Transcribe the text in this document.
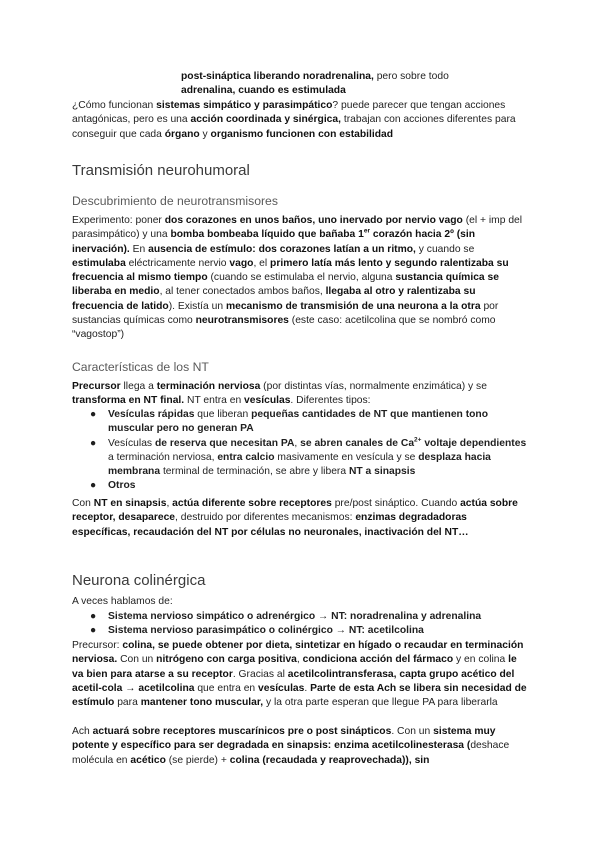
post-sináptica liberando noradrenalina, pero sobre todo
adrenalina, cuando es estimulada

¿Cómo funcionan sistemas simpático y parasimpático? puede parecer que tengan acciones antagónicas, pero es una acción coordinada y sinérgica, trabajan con acciones diferentes para conseguir que cada órgano y organismo funcionen con estabilidad

Transmisión neurohumoral
Descubrimiento de neurotransmisores

Experimento: poner dos corazones en unos baños, uno inervado por nervio vago (el + imp del parasimpático) y una bomba bombeaba líquido que bañaba 1er corazón hacia 2º (sin inervación). En ausencia de estímulo: dos corazones latían a un ritmo, y cuando se estimulaba eléctricamente nervio vago, el primero latía más lento y segundo ralentizaba su frecuencia al mismo tiempo (cuando se estimulaba el nervio, alguna sustancia química se liberaba en medio, al tener conectados ambos baños, llegaba al otro y ralentizaba su frecuencia de latido). Existía un mecanismo de transmisión de una neurona a la otra por sustancias químicas como neurotransmisores (este caso: acetilcolina que se nombró como “vagostop”)

Características de los NT

Precursor llega a terminación nerviosa (por distintas vías, normalmente enzimática) y se transforma en NT final. NT entra en vesículas. Diferentes tipos:

● Vesículas rápidas que liberan pequeñas cantidades de NT que mantienen tono muscular pero no generan PA
● Vesículas de reserva que necesitan PA, se abren canales de $Ca^{2+}$ voltaje dependientes a terminación nerviosa, entra calcio masivamente en vesícula y se desplaza hacia membrana terminal de terminación, se abre y libera NT a sinapsis
● Otros

Con NT en sinapsis, actúa diferente sobre receptores pre/post sináptico. Cuando actúa sobre receptor, desaparece, destruido por diferentes mecanismos: enzimas degradadoras específicas, recaudación del NT por células no neuronales, inactivación del NT…

Neurona colinérgica

A veces hablamos de:

● Sistema nervioso simpático o adrenérgico → NT: noradrenalina y adrenalina
● Sistema nervioso parasimpático o colinérgico → NT: acetilcolina

Precursor: colina, se puede obtener por dieta, sintetizar en hígado o recaudar en terminación nerviosa. Con un nitrógeno con carga positiva, condiciona acción del fármaco y en colina le va bien para atarse a su receptor. Gracias al acetilcolintransferasa, capta grupo acético del acetil-cola → acetilcolina que entra en vesículas. Parte de esta Ach se libera sin necesidad de estímulo para mantener tono muscular, y la otra parte esperan que llegue PA para liberarla

Ach actuará sobre receptores muscarínicos pre o post sinápticos. Con un sistema muy potente y específico para ser degradada en sinapsis: enzima acetilcolinesterasa (deshace molécula en acético (se pierde) + colina (recaudada y reaprovechada)), sin
